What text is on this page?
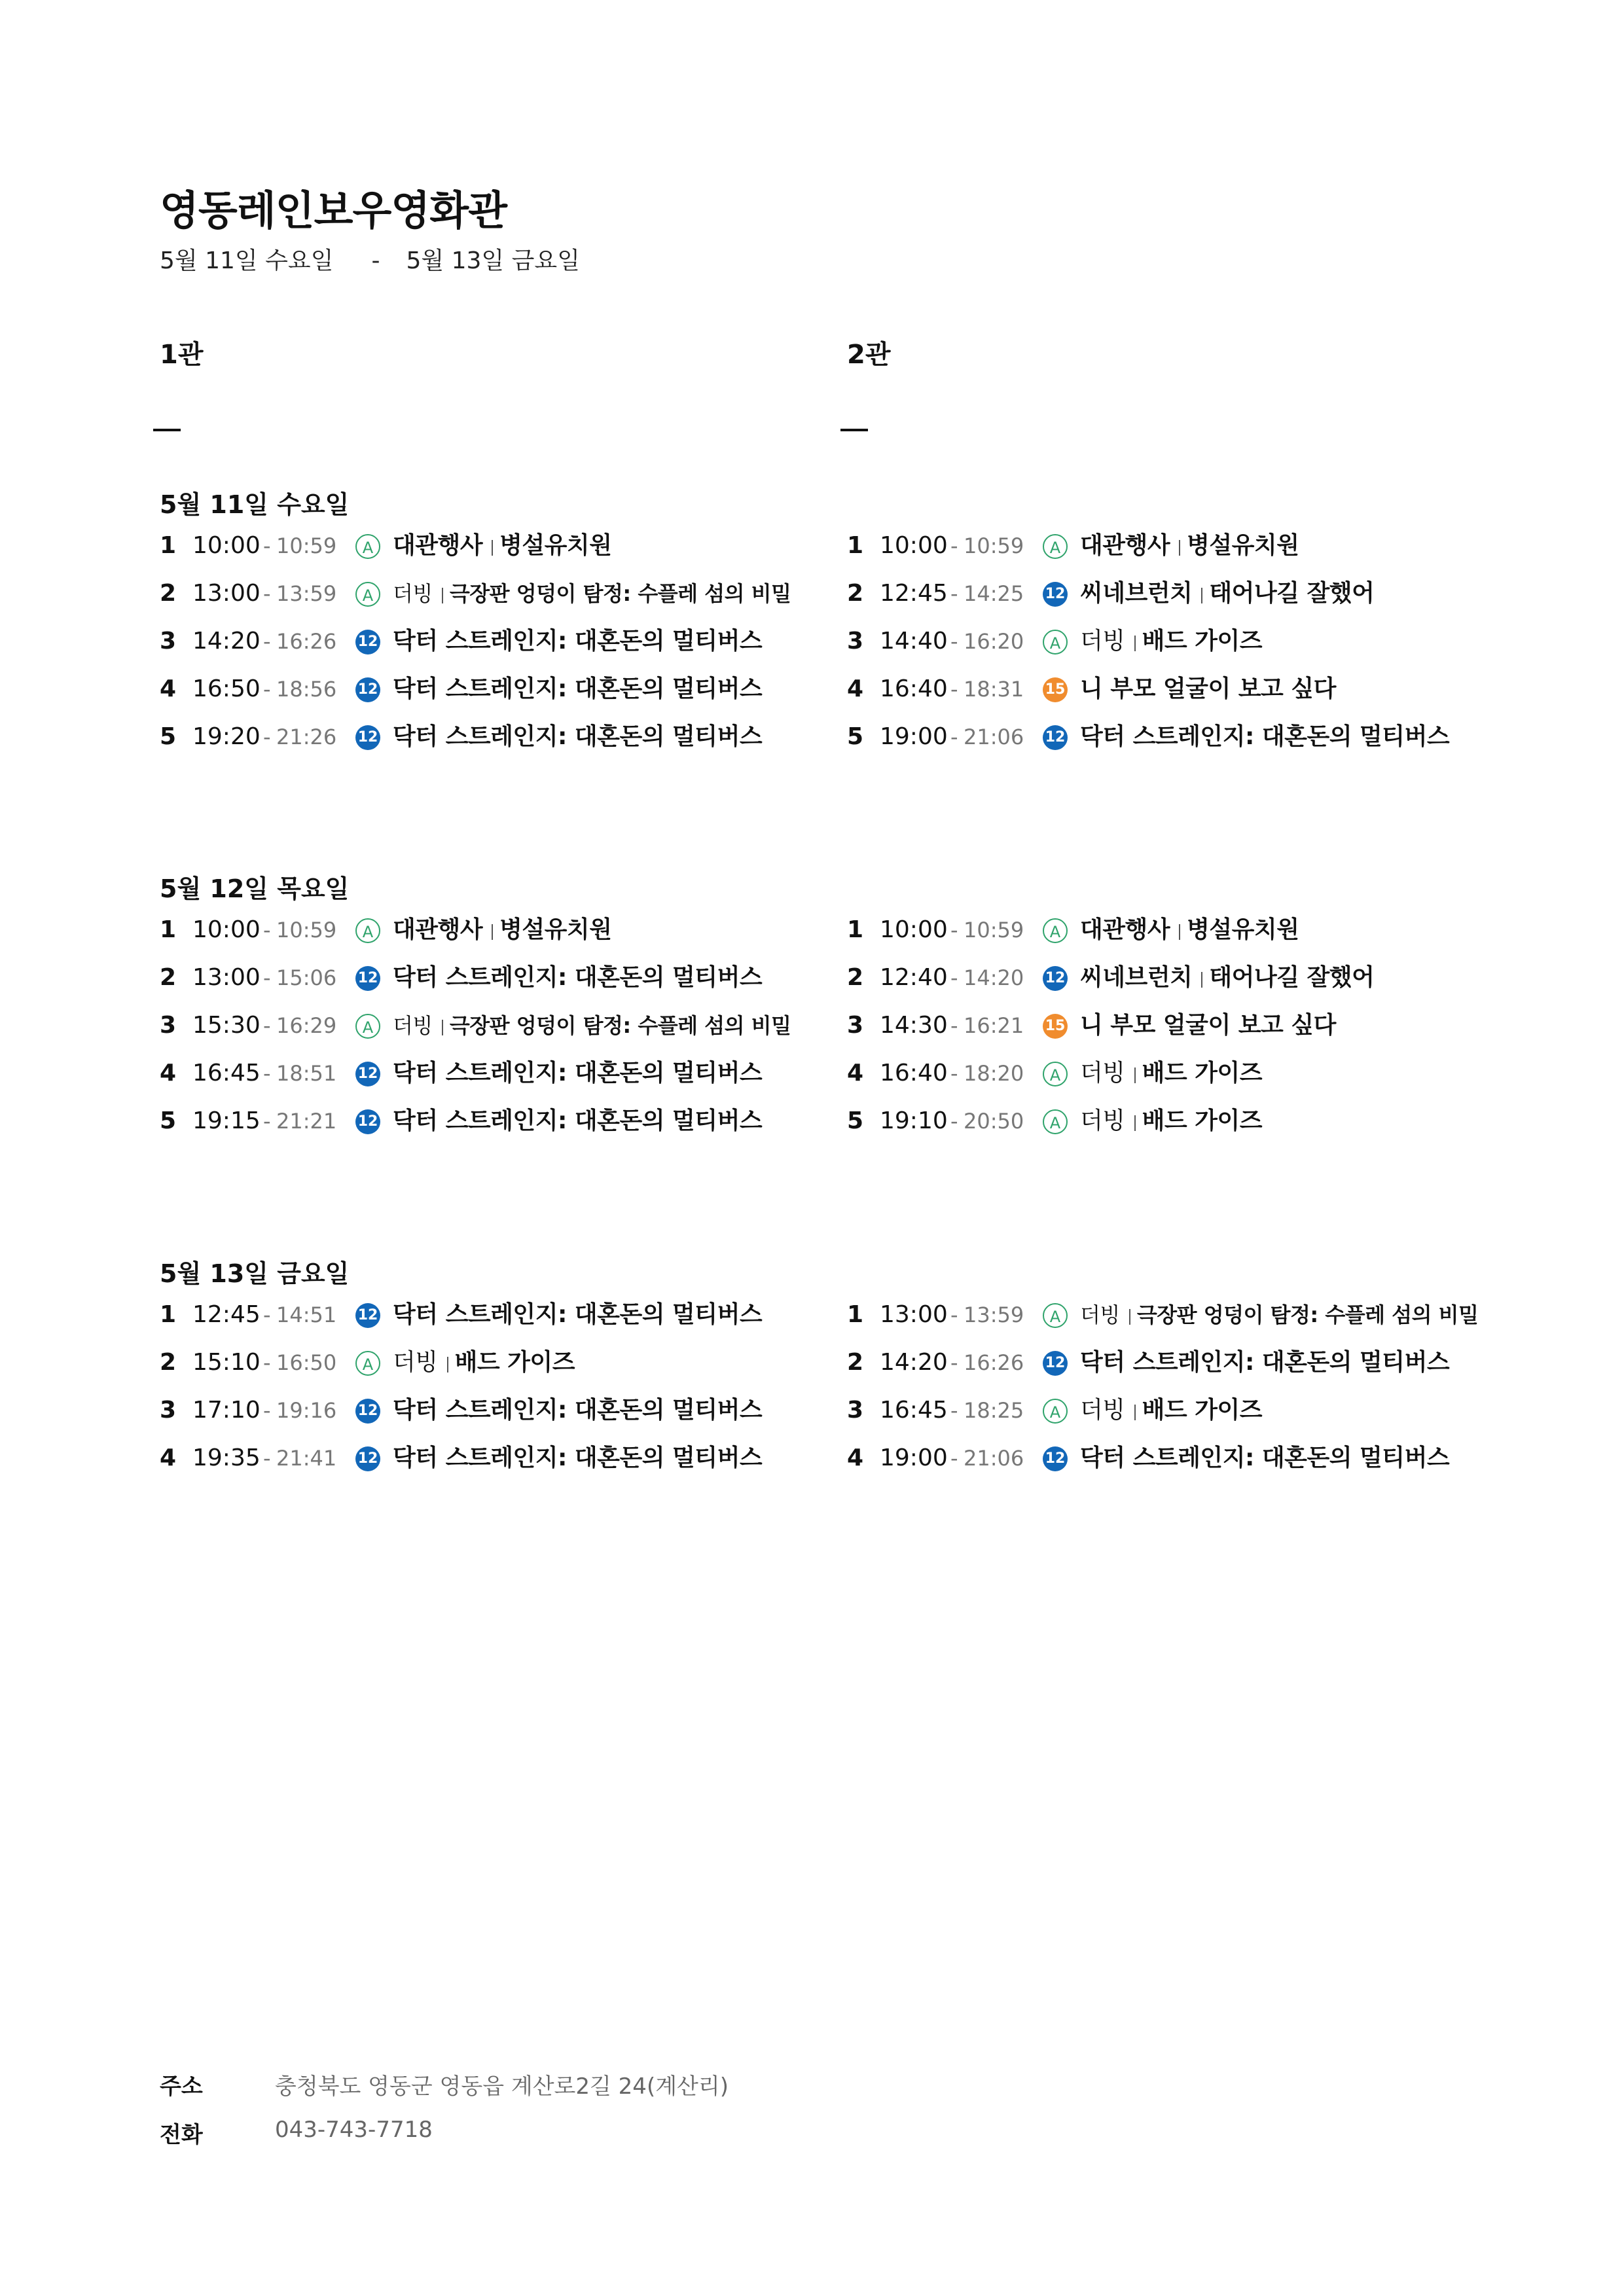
영동레인보우영화관
5월 11일 수요일 - 5월 13일 금요일
1관	2관
5월 11일 수요일
1 10:00 - 10:59	A 대관행사 병설유치원
2 13:00 - 13:59	A 더빙 극장판 엉덩이 탐정: 수플레 섬의 비밀
3 14:20 - 16:26 12 닥터 스트레인지: 대혼돈의 멀티버스
4 16:50 - 18:56 12 닥터 스트레인지: 대혼돈의 멀티버스
5 19:20 - 21:26 12 닥터 스트레인지: 대혼돈의 멀티버스
1 10:00 - 10:59	A 대관행사 병설유치원
2 12:45 - 14:25 12 씨네브런치 태어나길 잘했어
3 14:40 - 16:20	A 더빙 배드 가이즈
4 16:40 - 18:31 15 니 부모 얼굴이 보고 싶다
5 19:00 - 21:06 12 닥터 스트레인지: 대혼돈의 멀티버스
5월 12일 목요일
1 10:00 - 10:59	A 대관행사 병설유치원
2 13:00 - 15:06 12 닥터 스트레인지: 대혼돈의 멀티버스
3 15:30 - 16:29	A 더빙 극장판 엉덩이 탐정: 수플레 섬의 비밀
4 16:45 - 18:51 12 닥터 스트레인지: 대혼돈의 멀티버스
5 19:15 - 21:21 12 닥터 스트레인지: 대혼돈의 멀티버스
1 10:00 - 10:59	A 대관행사 병설유치원
2 12:40 - 14:20 12 씨네브런치 태어나길 잘했어
3 14:30 - 16:21 15 니 부모 얼굴이 보고 싶다
4 16:40 - 18:20	A 더빙 배드 가이즈
5 19:10 - 20:50	A 더빙 배드 가이즈
5월 13일 금요일
1 12:45 - 14:51 12 닥터 스트레인지: 대혼돈의 멀티버스
2 15:10 - 16:50	A 더빙 배드 가이즈
3 17:10 - 19:16 12 닥터 스트레인지: 대혼돈의 멀티버스
4 19:35 - 21:41 12 닥터 스트레인지: 대혼돈의 멀티버스
1 13:00 - 13:59	A 더빙 극장판 엉덩이 탐정: 수플레 섬의 비밀
2 14:20 - 16:26 12 닥터 스트레인지: 대혼돈의 멀티버스
3 16:45 - 18:25	A 더빙 배드 가이즈
4 19:00 - 21:06 12 닥터 스트레인지: 대혼돈의 멀티버스
주소	충청북도 영동군 영동읍 계산로2길 24(계산리)
전화	043-743-7718
